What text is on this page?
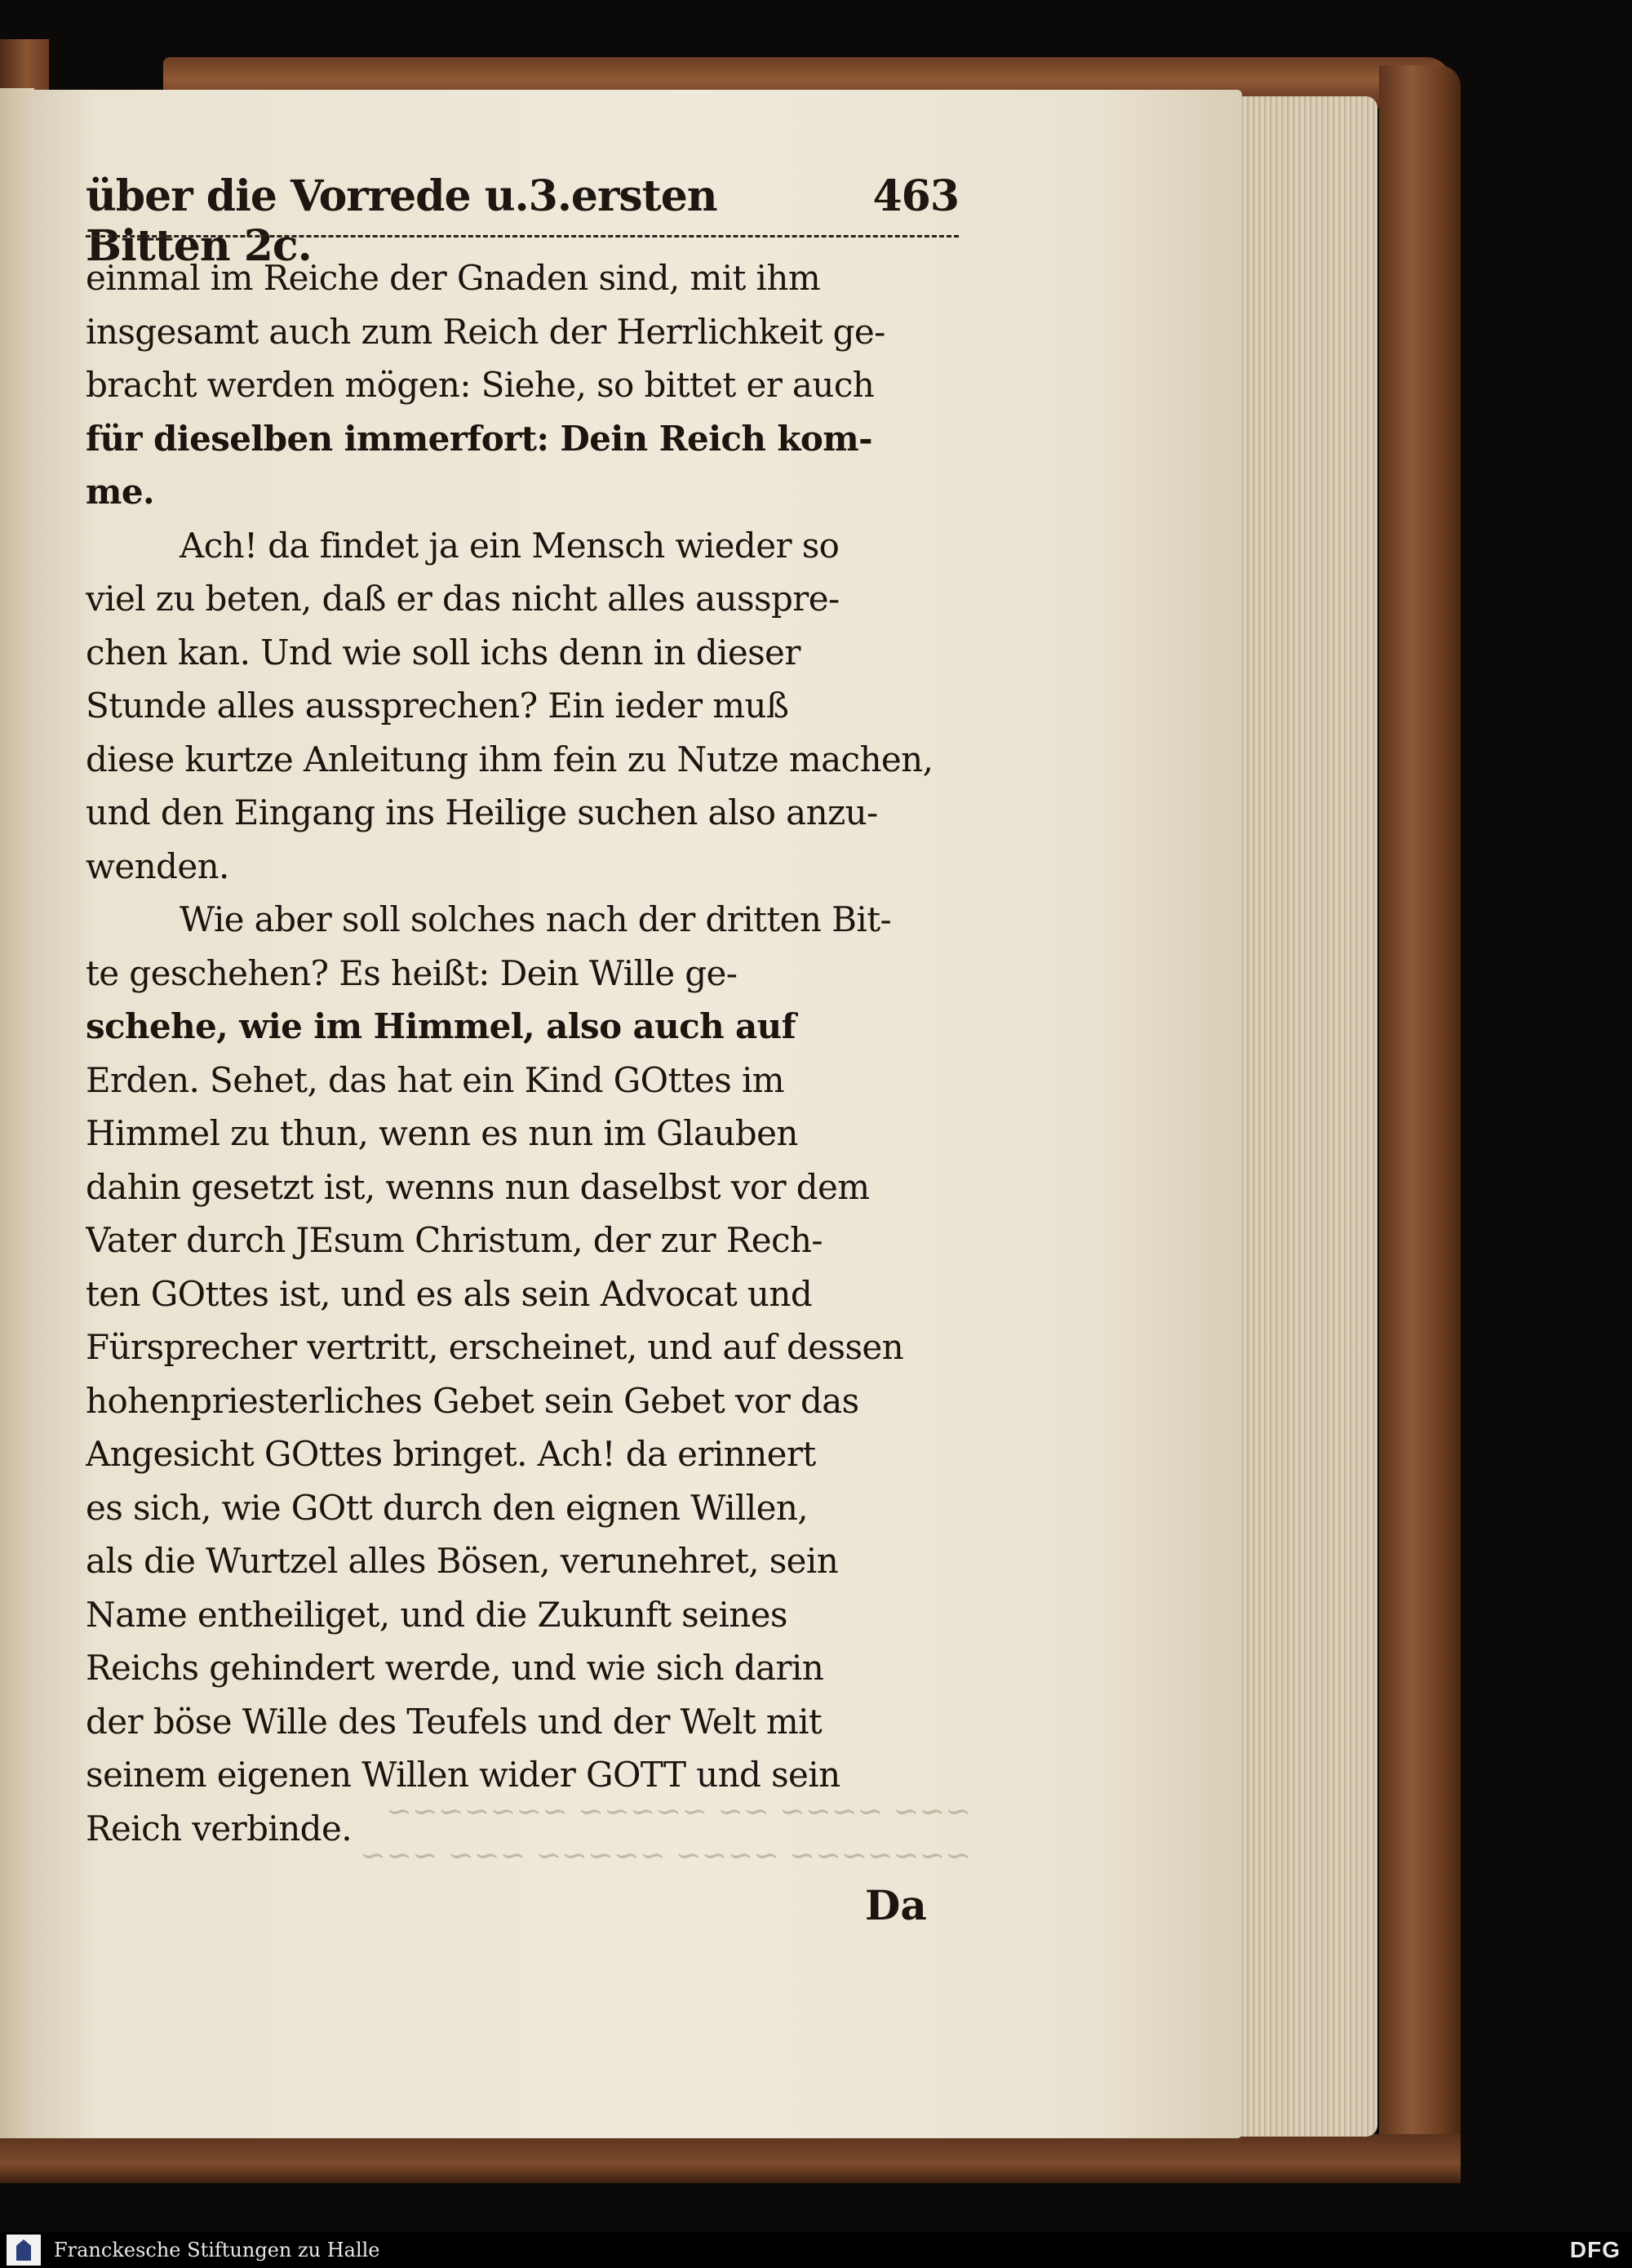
~~~ ~~~~ ~~ ~~~~~ ~~~~~~~
~~~~~~~ ~~~~ ~~~~~ ~~~ ~~~
über die Vorrede u.3.ersten Bitten 2c.
463
einmal im Reiche der Gnaden sind, mit ihm
insgesamt auch zum Reich der Herrlichkeit ge-
bracht werden mögen: Siehe, so bittet er auch
für dieselben immerfort: Dein Reich kom-
me.
Ach! da findet ja ein Mensch wieder so
viel zu beten, daß er das nicht alles ausspre-
chen kan. Und wie soll ichs denn in dieser
Stunde alles aussprechen? Ein ieder muß
diese kurtze Anleitung ihm fein zu Nutze machen,
und den Eingang ins Heilige suchen also anzu-
wenden.
Wie aber soll solches nach der dritten Bit-
te geschehen? Es heißt: Dein Wille ge-
schehe, wie im Himmel, also auch auf
Erden. Sehet, das hat ein Kind GOttes im
Himmel zu thun, wenn es nun im Glauben
dahin gesetzt ist, wenns nun daselbst vor dem
Vater durch JEsum Christum, der zur Rech-
ten GOttes ist, und es als sein Advocat und
Fürsprecher vertritt, erscheinet, und auf dessen
hohenpriesterliches Gebet sein Gebet vor das
Angesicht GOttes bringet. Ach! da erinnert
es sich, wie GOtt durch den eignen Willen,
als die Wurtzel alles Bösen, verunehret, sein
Name entheiliget, und die Zukunft seines
Reichs gehindert werde, und wie sich darin
der böse Wille des Teufels und der Welt mit
seinem eigenen Willen wider GOTT und sein
Reich verbinde.
Da
Franckesche Stiftungen zu Halle	DFG
